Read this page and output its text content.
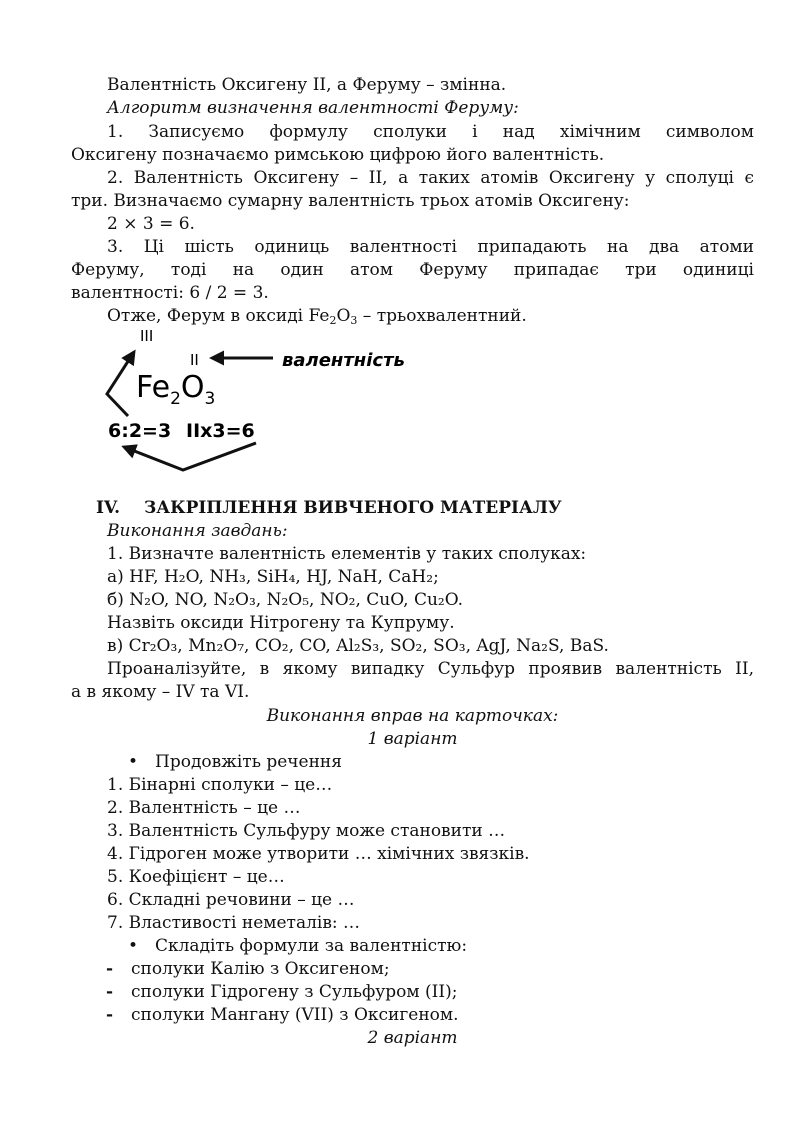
Валентність Оксигену II, а Феруму – змінна.
Алгоритм визначення валентності Феруму:
1. Записуємо формулу сполуки і над хімічним символом
Оксигену позначаємо римською цифрою його валентність.
2. Валентність Оксигену – II, а таких атомів Оксигену у сполуці є
три. Визначаємо сумарну валентність трьох атомів Оксигену:
2 × 3 = 6.
3. Ці шість одиниць валентності припадають на два атоми
Феруму, тоді на один атом Феруму припадає три одиниці
валентності: 6 / 2 = 3.
Отже, Ферум в оксиді $Fe_2O_3$ – трьохвалентний.
III
II	валентність
$Fe_2O_3$
6:2=3 IIx3=6
IV. ЗАКРІПЛЕННЯ ВИВЧЕНОГО МАТЕРІАЛУ
Виконання завдань:
1. Визначте валентність елементів у таких сполуках:
а) HF, H₂O, NH₃, SiH₄, HJ, NaH, CaH₂;
б) N₂O, NO, N₂O₃, N₂O₅, NO₂, CuO, Cu₂O.
Назвіть оксиди Нітрогену та Купруму.
в) Cr₂O₃, Mn₂O₇, CO₂, CO, Al₂S₃, SO₂, SO₃, AgJ, Na₂S, BaS.
Проаналізуйте, в якому випадку Сульфур проявив валентність II,
а в якому – IV та VI.
Виконання вправ на карточках:
1 варіант
• Продовжіть речення
1. Бінарні сполуки – це…
2. Валентність – це …
3. Валентність Сульфуру може становити …
4. Гідроген може утворити … хімічних звязків.
5. Коефіцієнт – це…
6. Складні речовини – це …
7. Властивості неметалів: …
• Складіть формули за валентністю:
- сполуки Калію з Оксигеном;
- сполуки Гідрогену з Сульфуром (II);
- сполуки Мангану (VII) з Оксигеном.
2 варіант
